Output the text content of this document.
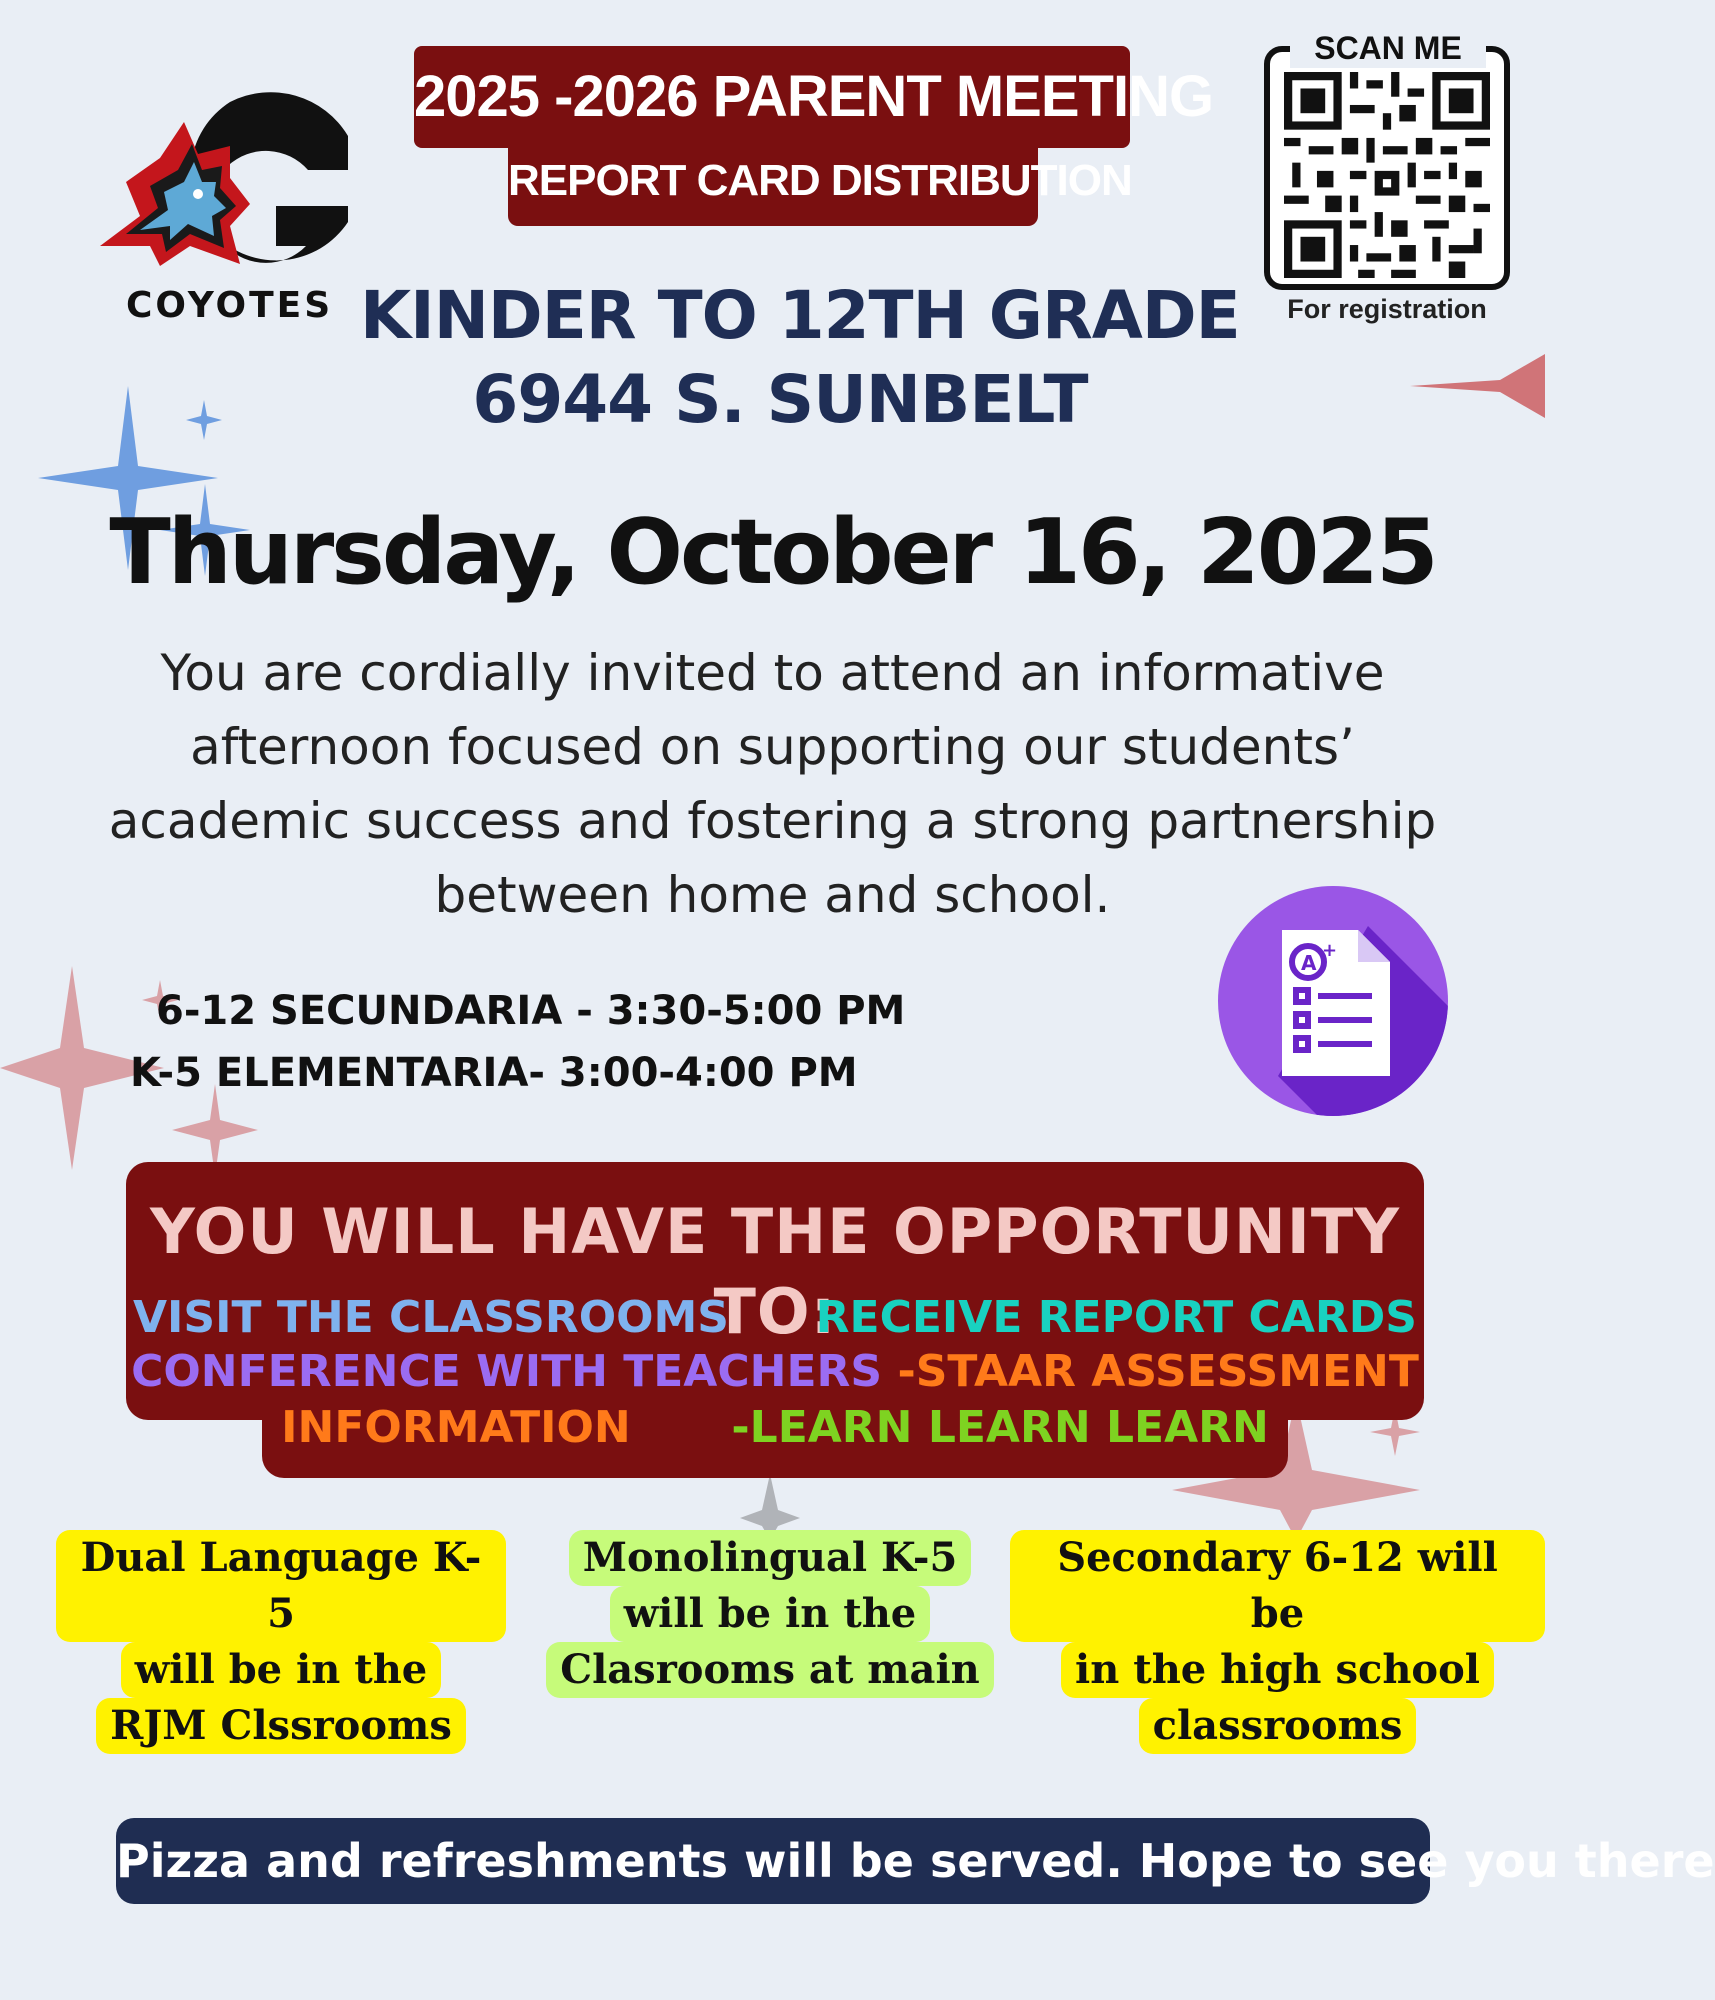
COYOTES
2025 -2026 PARENT MEETING
REPORT CARD DISTRIBUTION
SCAN ME
For registration
KINDER TO 12TH GRADE
6944 S. SUNBELT
Thursday, October 16, 2025
You are cordially invited to attend an informative afternoon focused on supporting our students’ academic success and fostering a strong partnership between home and school.
6-12 SECUNDARIA - 3:30-5:00 PM
K-5 ELEMENTARIA- 3:00-4:00 PM
A
+
YOU WILL HAVE THE OPPORTUNITY TO:
VISIT THE CLASSROOMS RECEIVE REPORT CARDS
CONFERENCE WITH TEACHERS -STAAR ASSESSMENT
INFORMATION -LEARN LEARN LEARN
Dual Language K-5
will be in the
RJM Clssrooms
Monolingual K-5
will be in the
Clasrooms at main
Secondary 6-12 will be
in the high school
classrooms
Pizza and refreshments will be served. Hope to see you there
